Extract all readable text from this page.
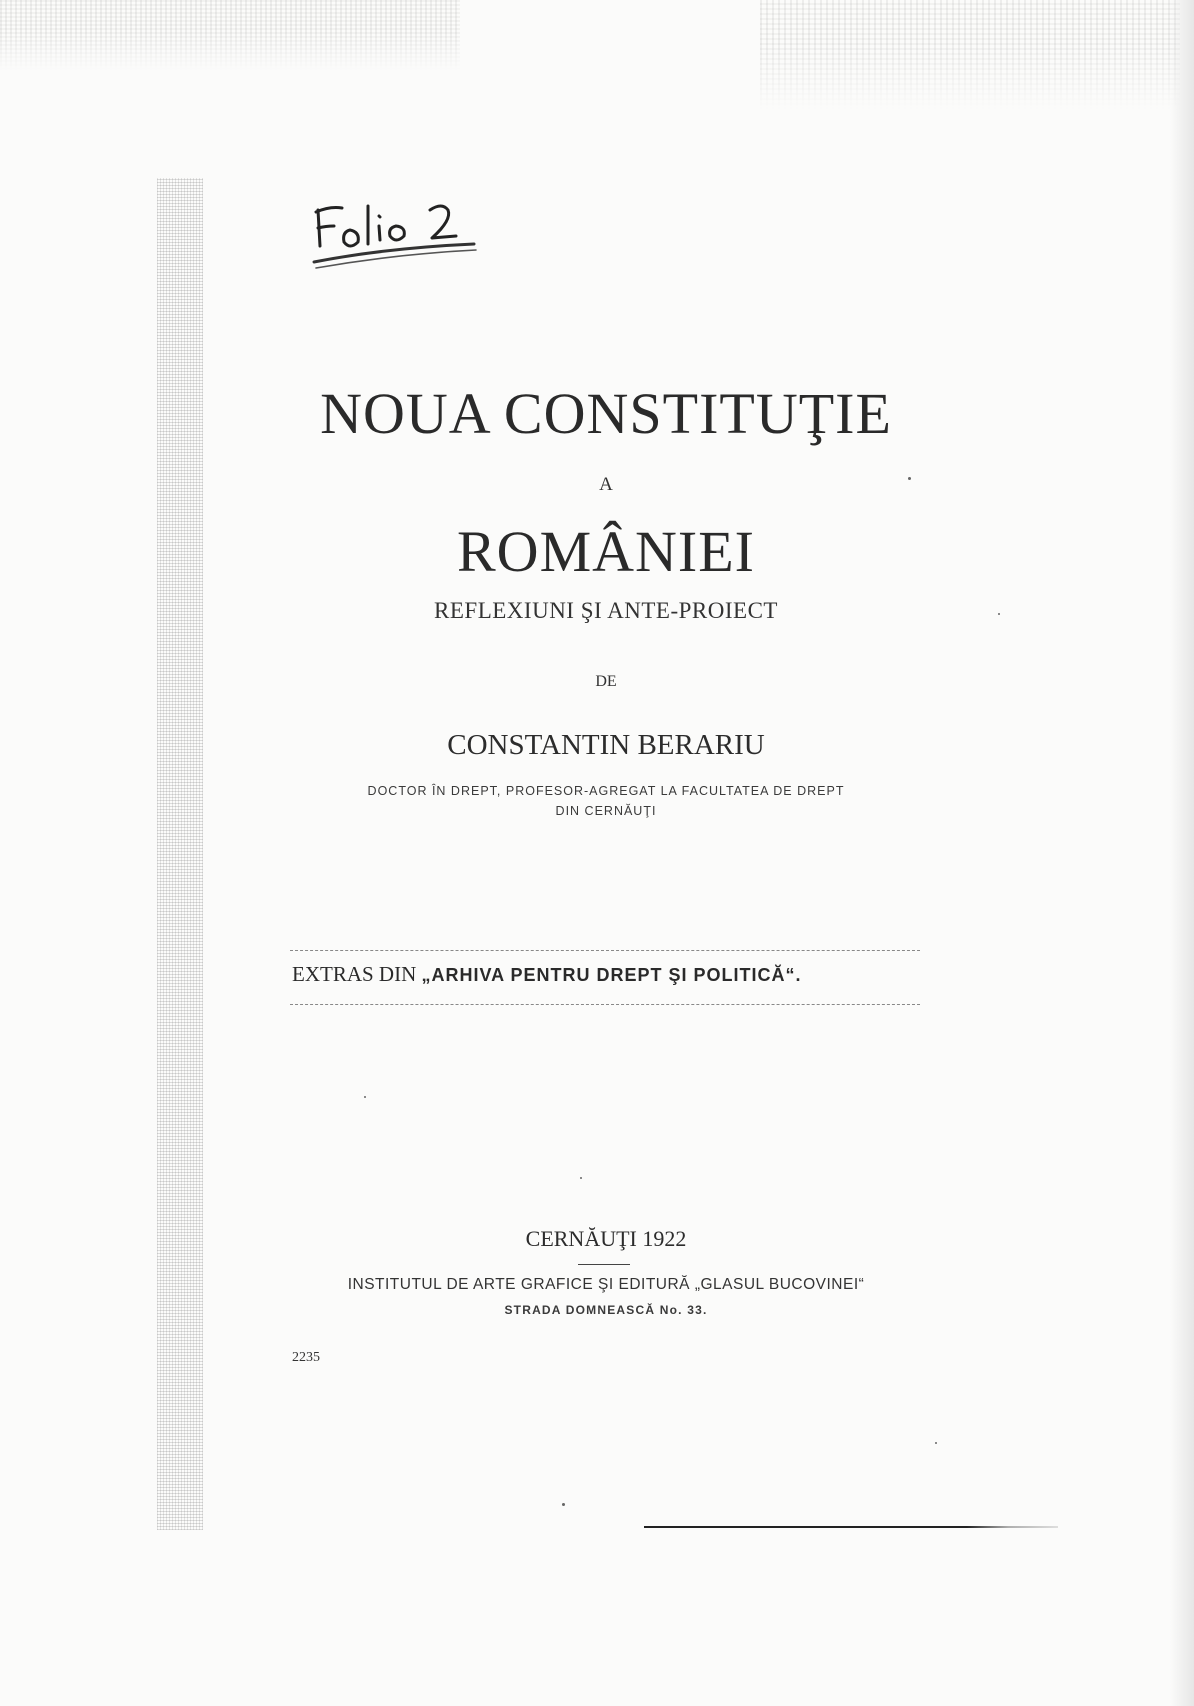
NOUA CONSTITUŢIE
A
ROMÂNIEI
REFLEXIUNI ŞI ANTE-PROIECT
DE
CONSTANTIN BERARIU
DOCTOR ÎN DREPT, PROFESOR-AGREGAT LA FACULTATEA DE DREPT
DIN CERNĂUŢI
EXTRAS DIN „ARHIVA PENTRU DREPT ŞI POLITICĂ“.
CERNĂUŢI 1922
INSTITUTUL DE ARTE GRAFICE ŞI EDITURĂ „GLASUL BUCOVINEI“
STRADA DOMNEASCĂ No. 33.
2235
